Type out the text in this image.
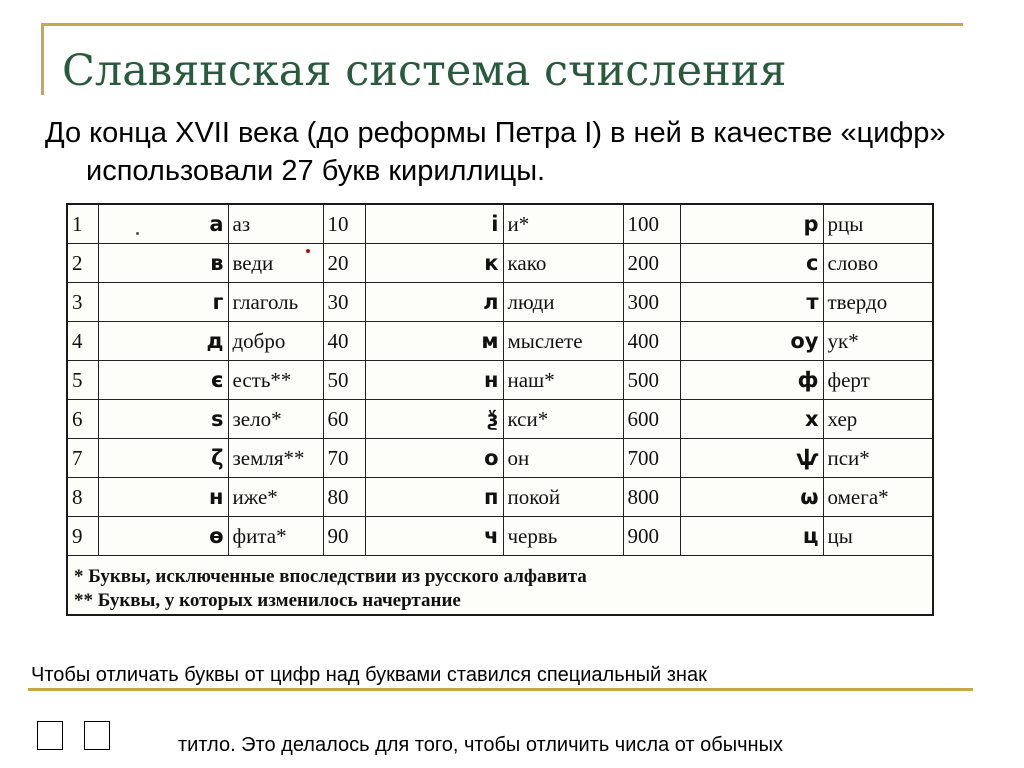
Славянская система счисления

До конца XVII века (до реформы Петра I) в ней в качестве «цифр» использовали 27 букв кириллицы.

1	а	аз	10	і	и*	100	р	рцы
2	в	веди	20	к	како	200	с	слово
3	г	глаголь	30	л	люди	300	т	твердо
4	д	добро	40	м	мыслете	400	оу	ук*
5	є	есть**	50	н	наш*	500	ф	ферт
6	ѕ	зело*	60	ѯ	кси*	600	х	хер
7	ζ	земля**	70	о	он	700	ѱ	пси*
8	н	иже*	80	п	покой	800	ѡ	омега*
9	ѳ	фита*	90	ч	червь	900	ц	цы
* Буквы, исключенные впоследствии из русского алфавита
** Буквы, у которых изменилось начертание

Чтобы отличать буквы от цифр над буквами ставился специальный знак

титло. Это делалось для того, чтобы отличить числа от обычных
